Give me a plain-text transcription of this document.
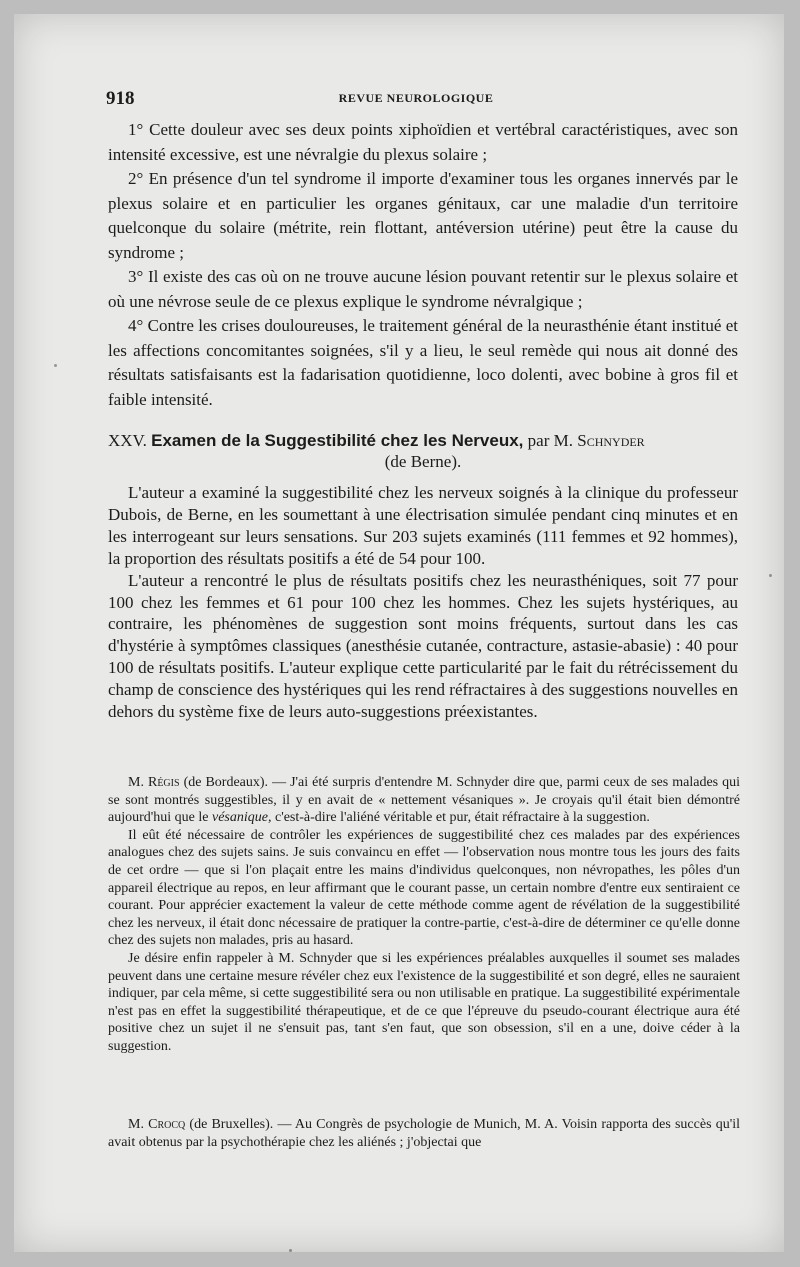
918	REVUE NEUROLOGIQUE

1° Cette douleur avec ses deux points xiphoïdien et vertébral caractéristiques, avec son intensité excessive, est une névralgie du plexus solaire ;

2° En présence d'un tel syndrome il importe d'examiner tous les organes innervés par le plexus solaire et en particulier les organes génitaux, car une maladie d'un territoire quelconque du solaire (métrite, rein flottant, antéversion utérine) peut être la cause du syndrome ;

3° Il existe des cas où on ne trouve aucune lésion pouvant retentir sur le plexus solaire et où une névrose seule de ce plexus explique le syndrome névralgique ;

4° Contre les crises douloureuses, le traitement général de la neurasthénie étant institué et les affections concomitantes soignées, s'il y a lieu, le seul remède qui nous ait donné des résultats satisfaisants est la fadarisation quotidienne, loco dolenti, avec bobine à gros fil et faible intensité.

XXV. Examen de la Suggestibilité chez les Nerveux, par M. Schnyder
(de Berne).

L'auteur a examiné la suggestibilité chez les nerveux soignés à la clinique du professeur Dubois, de Berne, en les soumettant à une électrisation simulée pendant cinq minutes et en les interrogeant sur leurs sensations. Sur 203 sujets examinés (111 femmes et 92 hommes), la proportion des résultats positifs a été de 54 pour 100.

L'auteur a rencontré le plus de résultats positifs chez les neurasthéniques, soit 77 pour 100 chez les femmes et 61 pour 100 chez les hommes. Chez les sujets hystériques, au contraire, les phénomènes de suggestion sont moins fréquents, surtout dans les cas d'hystérie à symptômes classiques (anesthésie cutanée, contracture, astasie-abasie) : 40 pour 100 de résultats positifs. L'auteur explique cette particularité par le fait du rétrécissement du champ de conscience des hystériques qui les rend réfractaires à des suggestions nouvelles en dehors du système fixe de leurs auto-suggestions préexistantes.

M. Régis (de Bordeaux). — J'ai été surpris d'entendre M. Schnyder dire que, parmi ceux de ses malades qui se sont montrés suggestibles, il y en avait de « nettement vésaniques ». Je croyais qu'il était bien démontré aujourd'hui que le vésanique, c'est-à-dire l'aliéné véritable et pur, était réfractaire à la suggestion.

Il eût été nécessaire de contrôler les expériences de suggestibilité chez ces malades par des expériences analogues chez des sujets sains. Je suis convaincu en effet — l'observation nous montre tous les jours des faits de cet ordre — que si l'on plaçait entre les mains d'individus quelconques, non névropathes, les pôles d'un appareil électrique au repos, en leur affirmant que le courant passe, un certain nombre d'entre eux sentiraient ce courant. Pour apprécier exactement la valeur de cette méthode comme agent de révélation de la suggestibilité chez les nerveux, il était donc nécessaire de pratiquer la contre-partie, c'est-à-dire de déterminer ce qu'elle donne chez des sujets non malades, pris au hasard.

Je désire enfin rappeler à M. Schnyder que si les expériences préalables auxquelles il soumet ses malades peuvent dans une certaine mesure révéler chez eux l'existence de la suggestibilité et son degré, elles ne sauraient indiquer, par cela même, si cette suggestibilité sera ou non utilisable en pratique. La suggestibilité expérimentale n'est pas en effet la suggestibilité thérapeutique, et de ce que l'épreuve du pseudo-courant électrique aura été positive chez un sujet il ne s'ensuit pas, tant s'en faut, que son obsession, s'il en a une, doive céder à la suggestion.

M. Crocq (de Bruxelles). — Au Congrès de psychologie de Munich, M. A. Voisin rapporta des succès qu'il avait obtenus par la psychothérapie chez les aliénés ; j'objectai que
